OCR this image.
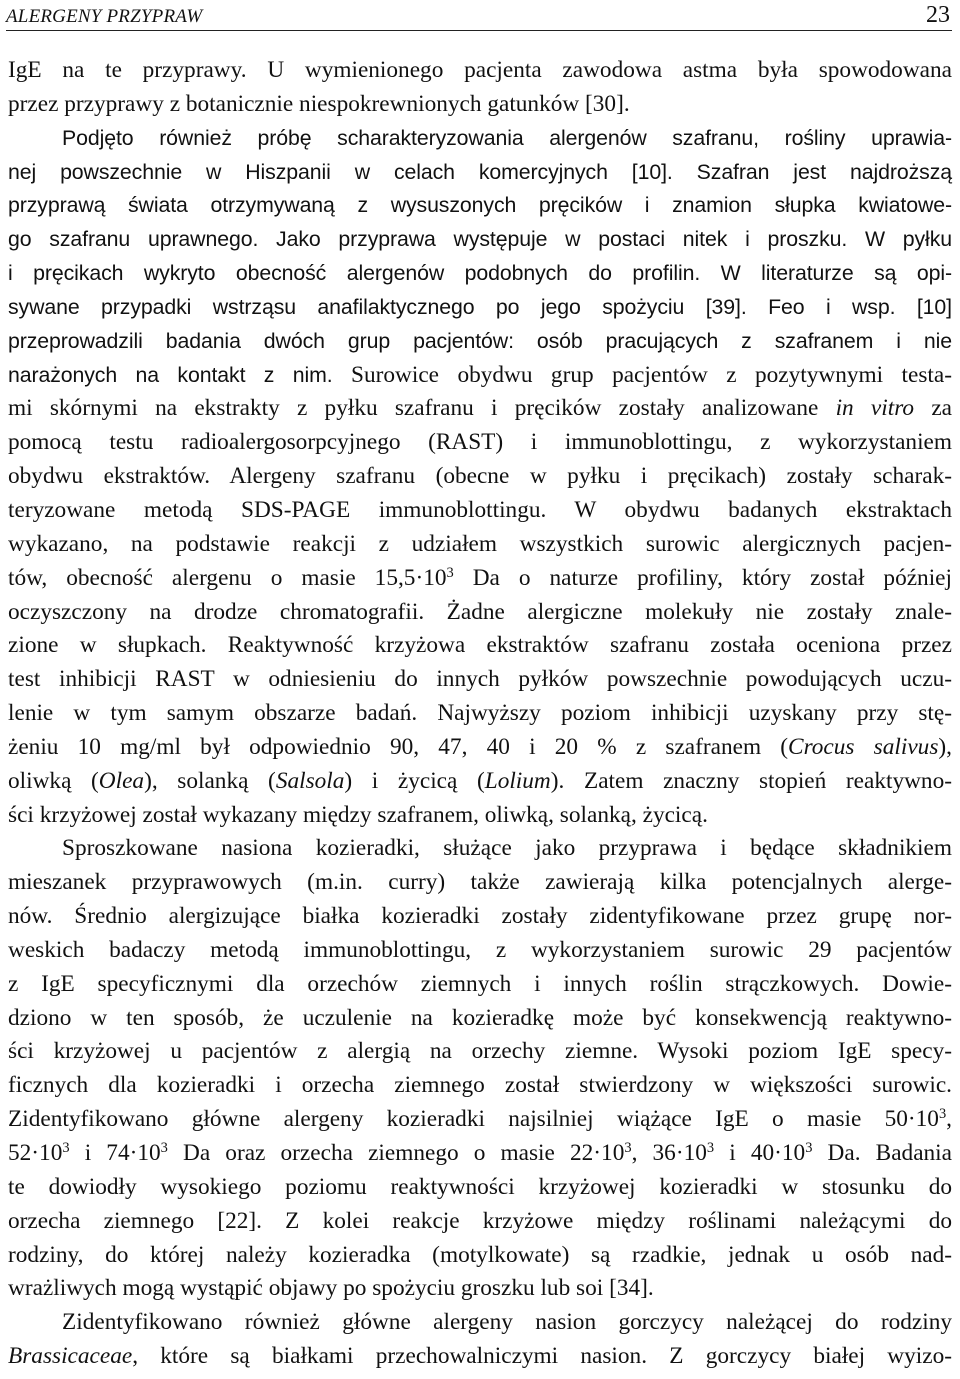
ALERGENY PRZYPRAW	23
IgE na te przyprawy. U wymienionego pacjenta zawodowa astma była spowodowana
przez przyprawy z botanicznie niespokrewnionych gatunków [30].
Podjęto również próbę scharakteryzowania alergenów szafranu, rośliny uprawia-
nej powszechnie w Hiszpanii w celach komercyjnych [10]. Szafran jest najdroższą
przyprawą świata otrzymywaną z wysuszonych pręcików i znamion słupka kwiatowe-
go szafranu uprawnego. Jako przyprawa występuje w postaci nitek i proszku. W pyłku
i pręcikach wykryto obecność alergenów podobnych do profilin. W literaturze są opi-
sywane przypadki wstrząsu anafilaktycznego po jego spożyciu [39]. Feo i wsp. [10]
przeprowadzili badania dwóch grup pacjentów: osób pracujących z szafranem i nie
narażonych na kontakt z nim. Surowice obydwu grup pacjentów z pozytywnymi testa-
mi skórnymi na ekstrakty z pyłku szafranu i pręcików zostały analizowane in vitro za
pomocą testu radioalergosorpcyjnego (RAST) i immunoblottingu, z wykorzystaniem
obydwu ekstraktów. Alergeny szafranu (obecne w pyłku i pręcikach) zostały scharak-
teryzowane metodą SDS-PAGE immunoblottingu. W obydwu badanych ekstraktach
wykazano, na podstawie reakcji z udziałem wszystkich surowic alergicznych pacjen-
tów, obecność alergenu o masie $15,5\cdot 10^3$ Da o naturze profiliny, który został później
oczyszczony na drodze chromatografii. Żadne alergiczne molekuły nie zostały znale-
zione w słupkach. Reaktywność krzyżowa ekstraktów szafranu została oceniona przez
test inhibicji RAST w odniesieniu do innych pyłków powszechnie powodujących uczu-
lenie w tym samym obszarze badań. Najwyższy poziom inhibicji uzyskany przy stę-
żeniu 10 mg/ml był odpowiednio 90, 47, 40 i 20 % z szafranem (Crocus salivus),
oliwką (Olea), solanką (Salsola) i życicą (Lolium). Zatem znaczny stopień reaktywno-
ści krzyżowej został wykazany między szafranem, oliwką, solanką, życicą.
Sproszkowane nasiona kozieradki, służące jako przyprawa i będące składnikiem
mieszanek przyprawowych (m.in. curry) także zawierają kilka potencjalnych alerge-
nów. Średnio alergizujące białka kozieradki zostały zidentyfikowane przez grupę nor-
weskich badaczy metodą immunoblottingu, z wykorzystaniem surowic 29 pacjentów
z IgE specyficznymi dla orzechów ziemnych i innych roślin strączkowych. Dowie-
dziono w ten sposób, że uczulenie na kozieradkę może być konsekwencją reaktywno-
ści krzyżowej u pacjentów z alergią na orzechy ziemne. Wysoki poziom IgE specy-
ficznych dla kozieradki i orzecha ziemnego został stwierdzony w większości surowic.
Zidentyfikowano główne alergeny kozieradki najsilniej wiążące IgE o masie $50\cdot 10^3$,
$52\cdot 10^3$ i $74\cdot 10^3$ Da oraz orzecha ziemnego o masie $22\cdot 10^3$, $36\cdot 10^3$ i $40\cdot 10^3$ Da. Badania
te dowiodły wysokiego poziomu reaktywności krzyżowej kozieradki w stosunku do
orzecha ziemnego [22]. Z kolei reakcje krzyżowe między roślinami należącymi do
rodziny, do której należy kozieradka (motylkowate) są rzadkie, jednak u osób nad-
wrażliwych mogą wystąpić objawy po spożyciu groszku lub soi [34].
Zidentyfikowano również główne alergeny nasion gorczycy należącej do rodziny
Brassicaceae, które są białkami przechowalniczymi nasion. Z gorczycy białej wyizo-
